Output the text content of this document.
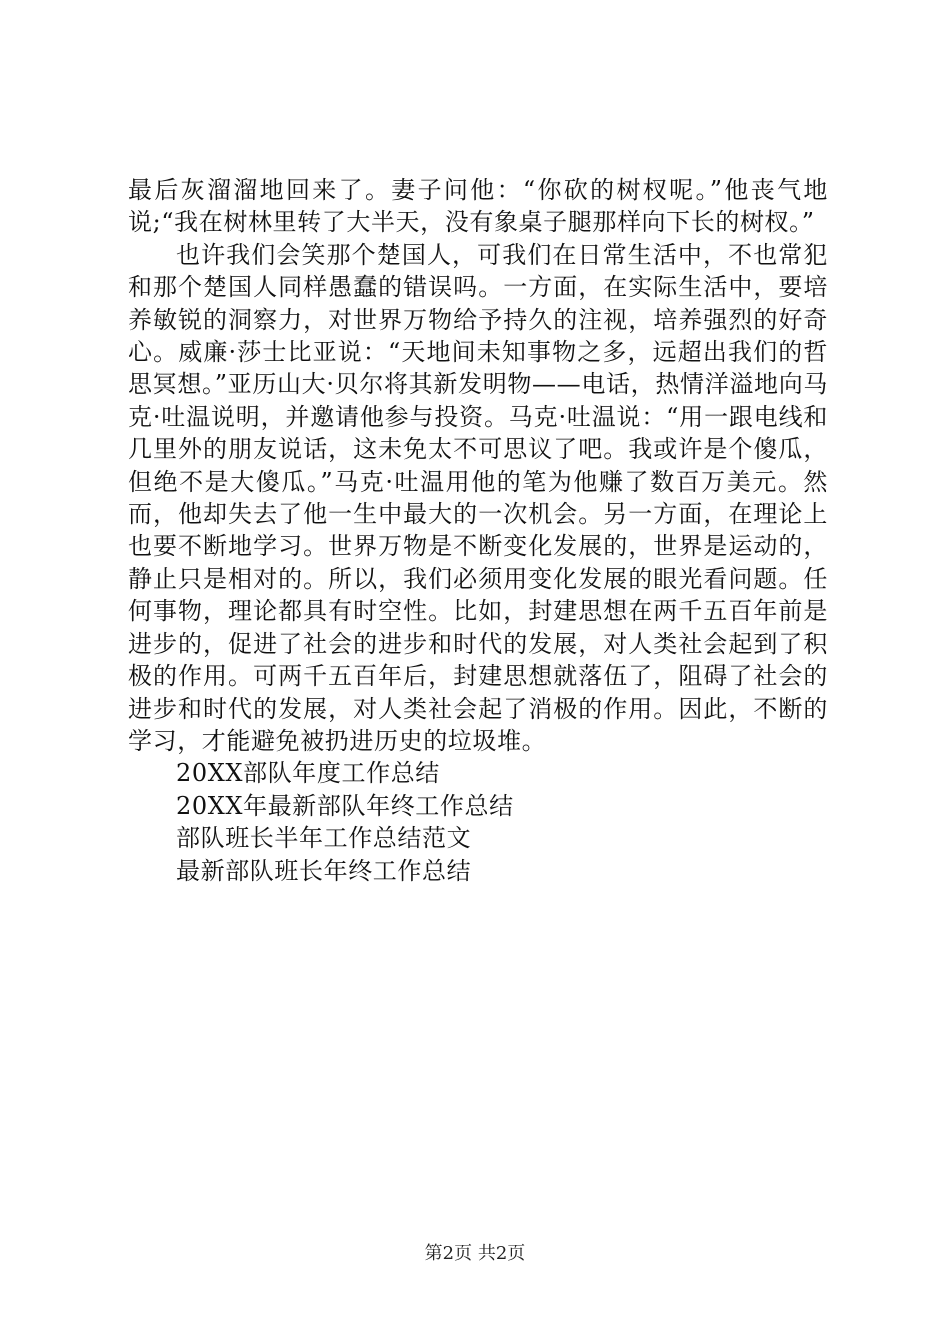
最后灰溜溜地回来了。妻子问他：“你砍的树杈呢。”他丧气地说;“我在树林里转了大半天，没有象桌子腿那样向下长的树杈。”

也许我们会笑那个楚国人，可我们在日常生活中，不也常犯和那个楚国人同样愚蠢的错误吗。一方面，在实际生活中，要培养敏锐的洞察力，对世界万物给予持久的注视，培养强烈的好奇心。威廉·莎士比亚说：“天地间未知事物之多，远超出我们的哲思冥想。”亚历山大·贝尔将其新发明物——电话，热情洋溢地向马克·吐温说明，并邀请他参与投资。马克·吐温说：“用一跟电线和几里外的朋友说话，这未免太不可思议了吧。我或许是个傻瓜，但绝不是大傻瓜。”马克·吐温用他的笔为他赚了数百万美元。然而，他却失去了他一生中最大的一次机会。另一方面，在理论上也要不断地学习。世界万物是不断变化发展的，世界是运动的，静止只是相对的。所以，我们必须用变化发展的眼光看问题。任何事物，理论都具有时空性。比如，封建思想在两千五百年前是进步的，促进了社会的进步和时代的发展，对人类社会起到了积极的作用。可两千五百年后，封建思想就落伍了，阻碍了社会的进步和时代的发展，对人类社会起了消极的作用。因此，不断的学习，才能避免被扔进历史的垃圾堆。

20XX部队年度工作总结
20XX年最新部队年终工作总结
部队班长半年工作总结范文
最新部队班长年终工作总结
第2页 共2页
